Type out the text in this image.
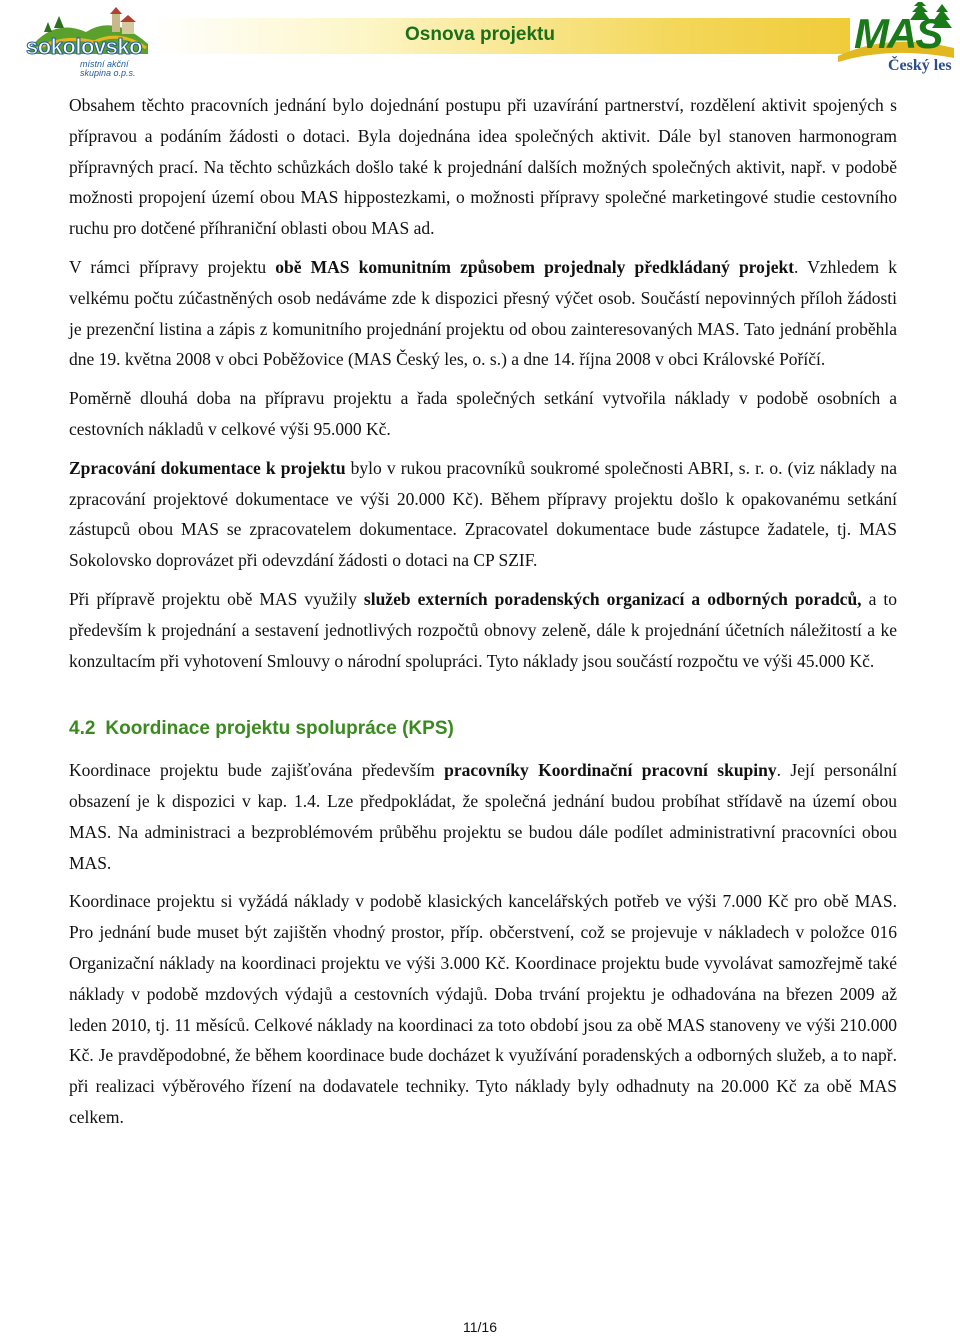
Osnova projektu
sokolovsko
místní akční
skupina o.p.s.
MAS
Český les

Obsahem těchto pracovních jednání bylo dojednání postupu při uzavírání partnerství, rozdělení aktivit spojených s přípravou a podáním žádosti o dotaci. Byla dojednána idea společných aktivit. Dále byl stanoven harmonogram přípravných prací. Na těchto schůzkách došlo také k projednání dalších možných společných aktivit, např. v podobě možnosti propojení území obou MAS hippostezkami, o možnosti přípravy společné marketingové studie cestovního ruchu pro dotčené příhraniční oblasti obou MAS ad.

V rámci přípravy projektu obě MAS komunitním způsobem projednaly předkládaný projekt. Vzhledem k velkému počtu zúčastněných osob nedáváme zde k dispozici přesný výčet osob. Součástí nepovinných příloh žádosti je prezenční listina a zápis z komunitního projednání projektu od obou zainteresovaných MAS. Tato jednání proběhla dne 19. května 2008 v obci Poběžovice (MAS Český les, o. s.) a dne 14. října 2008 v obci Královské Poříčí.

Poměrně dlouhá doba na přípravu projektu a řada společných setkání vytvořila náklady v podobě osobních a cestovních nákladů v celkové výši 95.000 Kč.

Zpracování dokumentace k projektu bylo v rukou pracovníků soukromé společnosti ABRI, s. r. o. (viz náklady na zpracování projektové dokumentace ve výši 20.000 Kč). Během přípravy projektu došlo k opakovanému setkání zástupců obou MAS se zpracovatelem dokumentace. Zpracovatel dokumentace bude zástupce žadatele, tj. MAS Sokolovsko doprovázet při odevzdání žádosti o dotaci na CP SZIF.

Při přípravě projektu obě MAS využily služeb externích poradenských organizací a odborných poradců, a to především k projednání a sestavení jednotlivých rozpočtů obnovy zeleně, dále k projednání účetních náležitostí a ke konzultacím při vyhotovení Smlouvy o národní spolupráci. Tyto náklady jsou součástí rozpočtu ve výši 45.000 Kč.

4.2 Koordinace projektu spolupráce (KPS)

Koordinace projektu bude zajišťována především pracovníky Koordinační pracovní skupiny. Její personální obsazení je k dispozici v kap. 1.4. Lze předpokládat, že společná jednání budou probíhat střídavě na území obou MAS. Na administraci a bezproblémovém průběhu projektu se budou dále podílet administrativní pracovníci obou MAS.

Koordinace projektu si vyžádá náklady v podobě klasických kancelářských potřeb ve výši 7.000 Kč pro obě MAS. Pro jednání bude muset být zajištěn vhodný prostor, příp. občerstvení, což se projevuje v nákladech v položce 016 Organizační náklady na koordinaci projektu ve výši 3.000 Kč. Koordinace projektu bude vyvolávat samozřejmě také náklady v podobě mzdových výdajů a cestovních výdajů. Doba trvání projektu je odhadována na březen 2009 až leden 2010, tj. 11 měsíců. Celkové náklady na koordinaci za toto období jsou za obě MAS stanoveny ve výši 210.000 Kč. Je pravděpodobné, že během koordinace bude docházet k využívání poradenských a odborných služeb, a to např. při realizaci výběrového řízení na dodavatele techniky. Tyto náklady byly odhadnuty na 20.000 Kč za obě MAS celkem.

11/16
